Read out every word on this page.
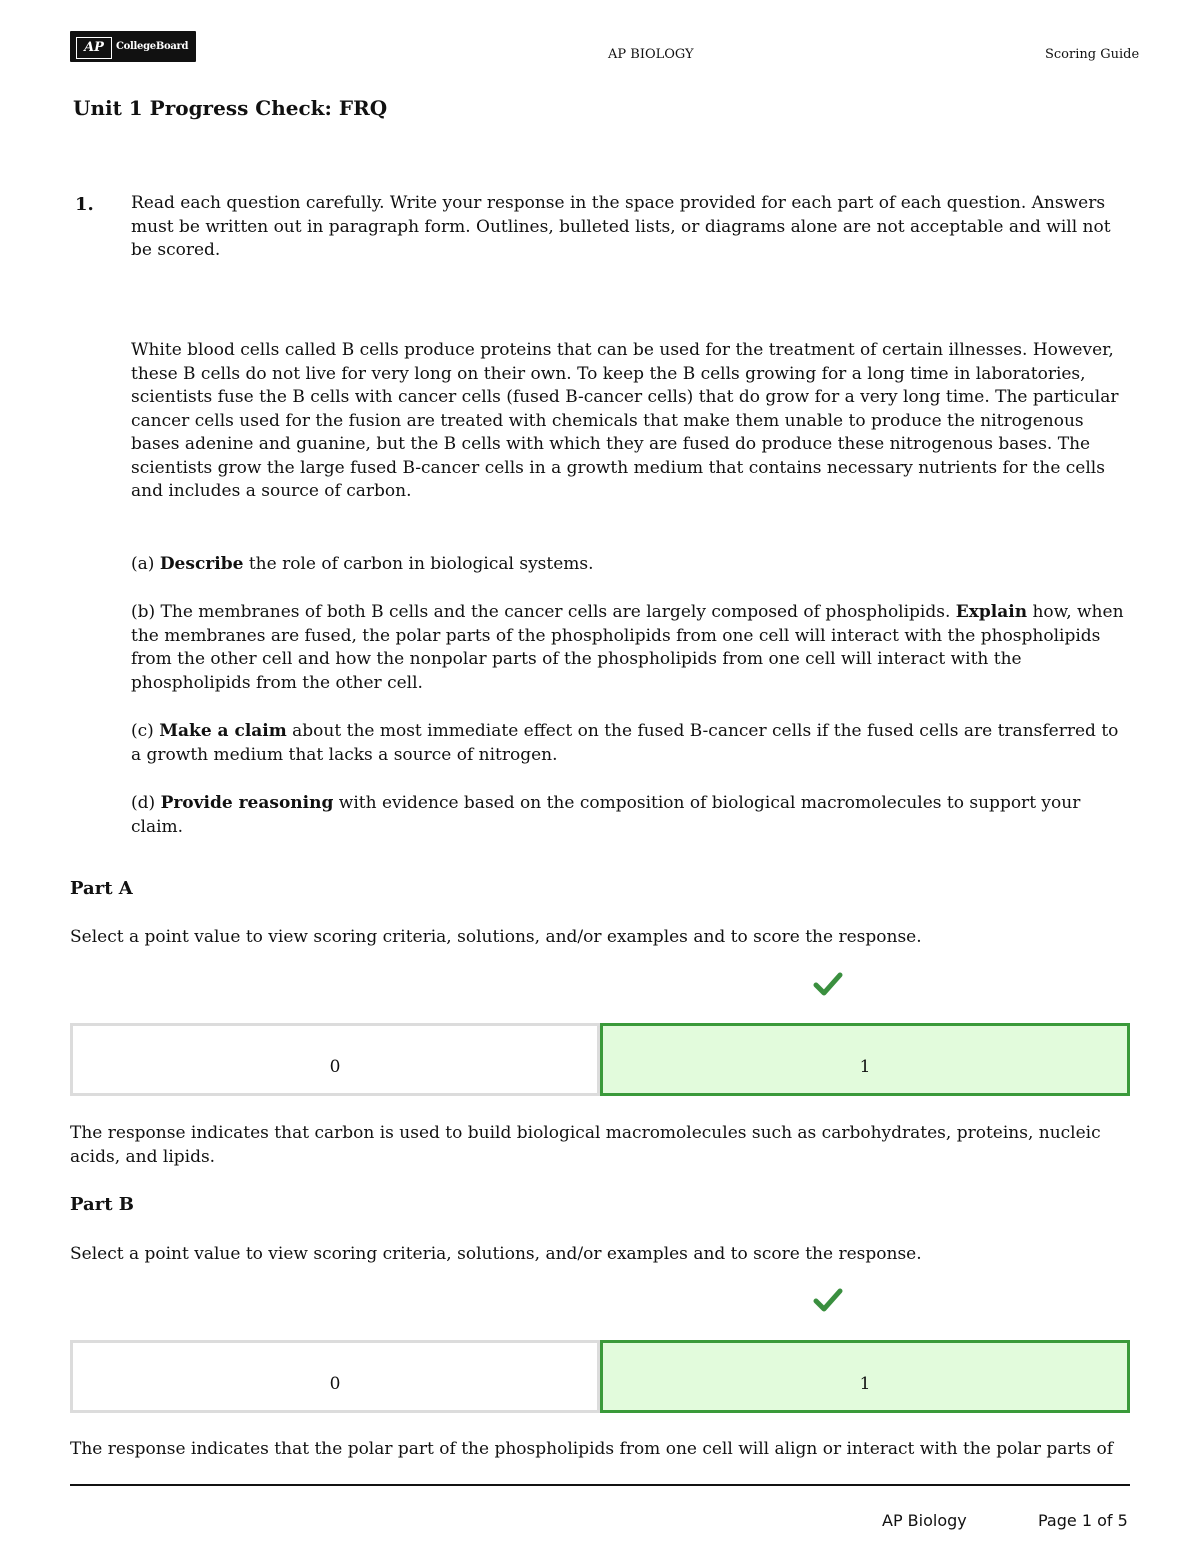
AP	CollegeBoard
AP BIOLOGY	Scoring Guide
Unit 1 Progress Check: FRQ
1. Read each question carefully. Write your response in the space provided for each part of each question. Answers must be written out in paragraph form. Outlines, bulleted lists, or diagrams alone are not acceptable and will not be scored.
White blood cells called B cells produce proteins that can be used for the treatment of certain illnesses. However, these B cells do not live for very long on their own. To keep the B cells growing for a long time in laboratories, scientists fuse the B cells with cancer cells (fused B-cancer cells) that do grow for a very long time. The particular cancer cells used for the fusion are treated with chemicals that make them unable to produce the nitrogenous bases adenine and guanine, but the B cells with which they are fused do produce these nitrogenous bases. The scientists grow the large fused B-cancer cells in a growth medium that contains necessary nutrients for the cells and includes a source of carbon.
(a) Describe the role of carbon in biological systems.
(b) The membranes of both B cells and the cancer cells are largely composed of phospholipids. Explain how, when the membranes are fused, the polar parts of the phospholipids from one cell will interact with the phospholipids from the other cell and how the nonpolar parts of the phospholipids from one cell will interact with the phospholipids from the other cell.
(c) Make a claim about the most immediate effect on the fused B-cancer cells if the fused cells are transferred to a growth medium that lacks a source of nitrogen.
(d) Provide reasoning with evidence based on the composition of biological macromolecules to support your claim.
Part A
Select a point value to view scoring criteria, solutions, and/or examples and to score the response.
0	1
The response indicates that carbon is used to build biological macromolecules such as carbohydrates, proteins, nucleic acids, and lipids.
Part B
Select a point value to view scoring criteria, solutions, and/or examples and to score the response.
0	1
The response indicates that the polar part of the phospholipids from one cell will align or interact with the polar parts of
AP Biology	Page 1 of 5
